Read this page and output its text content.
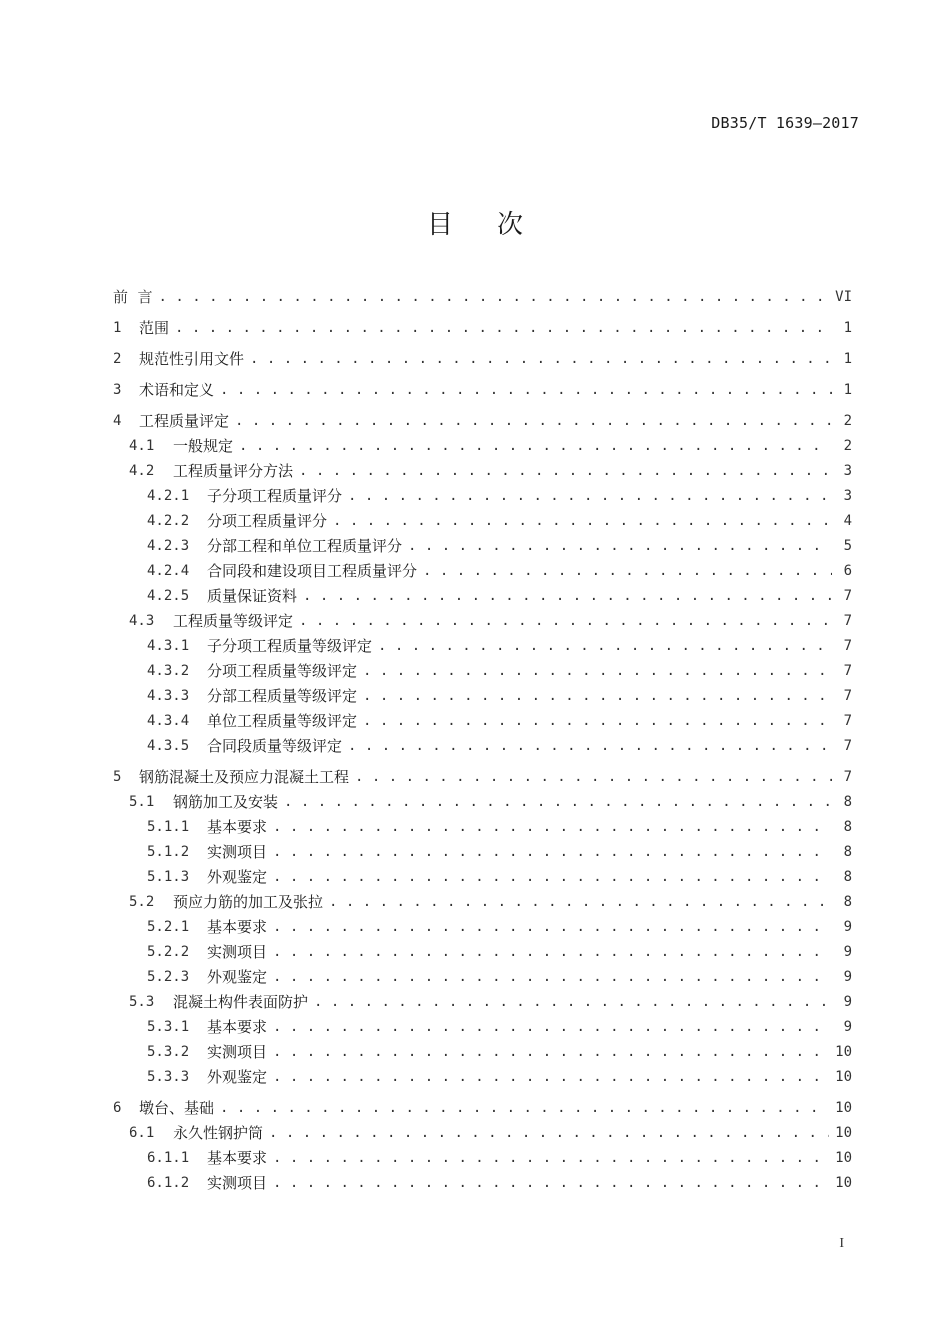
DB35/T 1639—2017
目 次
前  言 . . .	VI
1	范围 . . .	1
2	规范性引用文件 . . .	1
3	术语和定义 . . .	1
4	工程质量评定 . . .	2
4.1	一般规定 . . .	2
4.2	工程质量评分方法 . . .	3
4.2.1	子分项工程质量评分 . . .	3
4.2.2	分项工程质量评分 . . .	4
4.2.3	分部工程和单位工程质量评分 . . .	5
4.2.4	合同段和建设项目工程质量评分 . . .	6
4.2.5	质量保证资料 . . .	7
4.3	工程质量等级评定 . . .	7
4.3.1	子分项工程质量等级评定 . . .	7
4.3.2	分项工程质量等级评定 . . .	7
4.3.3	分部工程质量等级评定 . . .	7
4.3.4	单位工程质量等级评定 . . .	7
4.3.5	合同段质量等级评定 . . .	7
5	钢筋混凝土及预应力混凝土工程 . . .	7
5.1	钢筋加工及安装 . . .	8
5.1.1	基本要求 . . .	8
5.1.2	实测项目 . . .	8
5.1.3	外观鉴定 . . .	8
5.2	预应力筋的加工及张拉 . . .	8
5.2.1	基本要求 . . .	9
5.2.2	实测项目 . . .	9
5.2.3	外观鉴定 . . .	9
5.3	混凝土构件表面防护 . . .	9
5.3.1	基本要求 . . .	9
5.3.2	实测项目 . . .	10
5.3.3	外观鉴定 . . .	10
6	墩台、基础 . . .	10
6.1	永久性钢护筒 . . .	10
6.1.1	基本要求 . . .	10
6.1.2	实测项目 . . .	10
I
